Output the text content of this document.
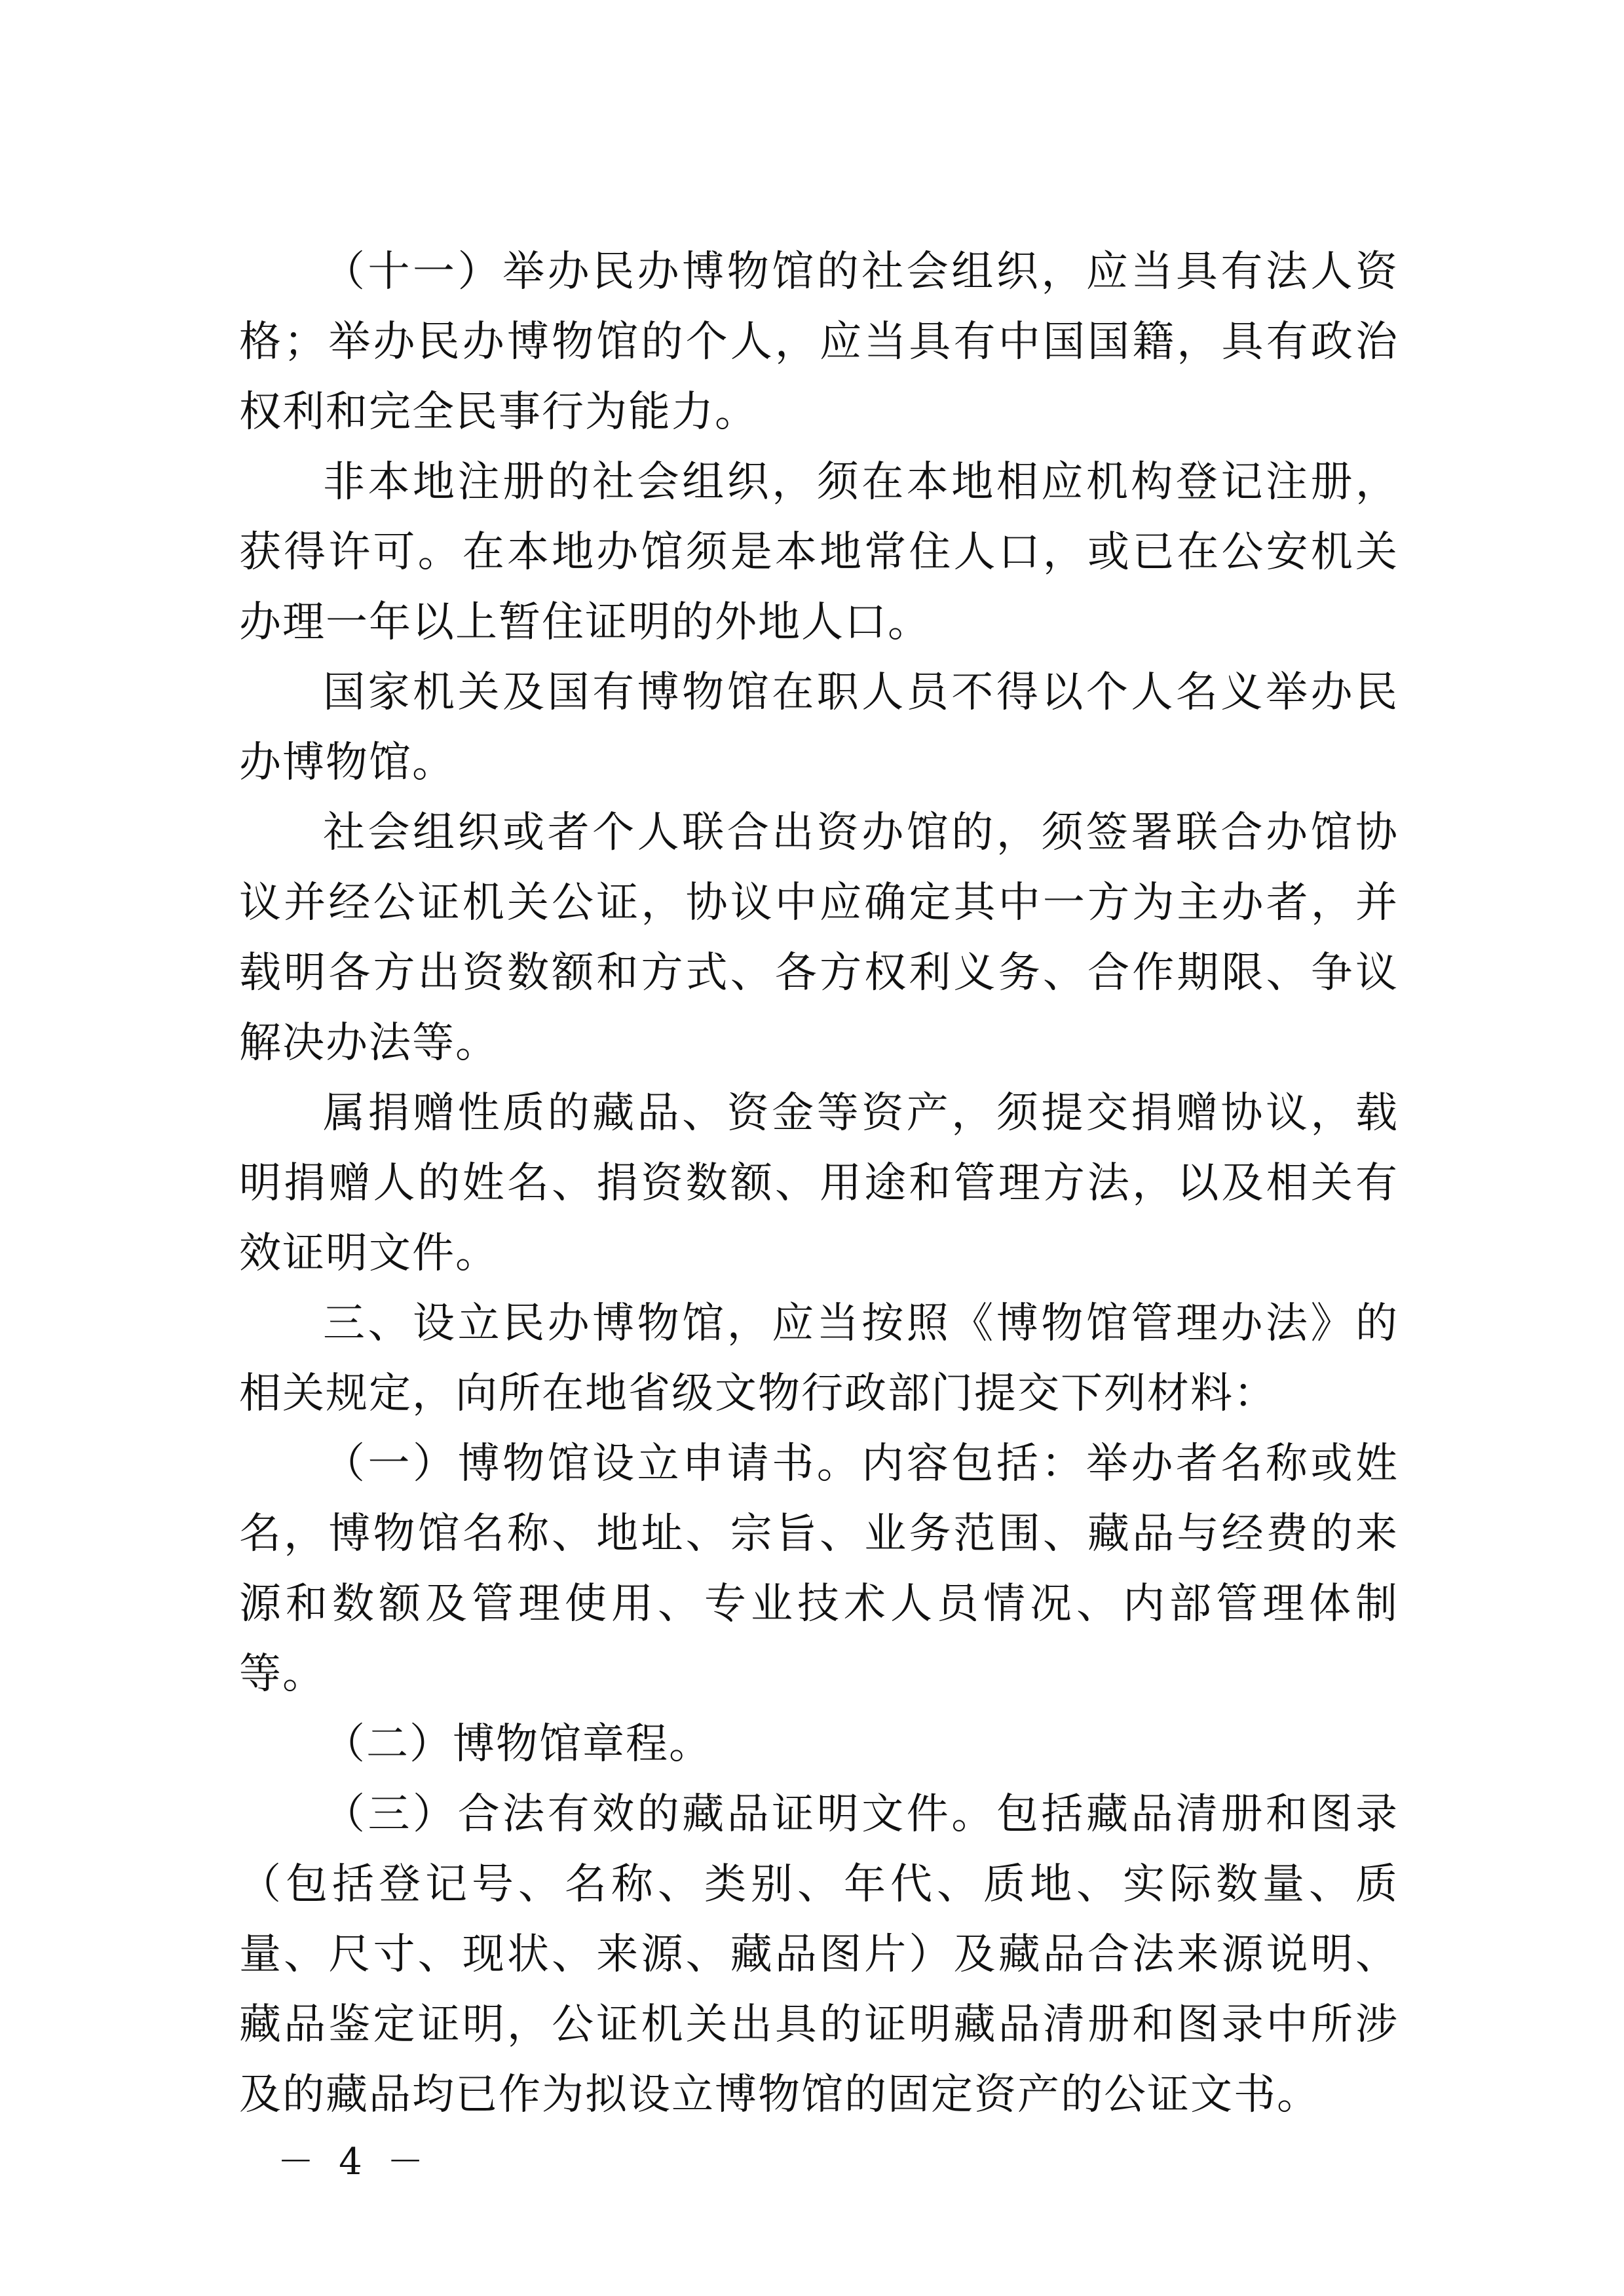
（十一）举办民办博物馆的社会组织，应当具有法人资格；举办民办博物馆的个人，应当具有中国国籍，具有政治权利和完全民事行为能力。

非本地注册的社会组织，须在本地相应机构登记注册，获得许可。在本地办馆须是本地常住人口，或已在公安机关办理一年以上暂住证明的外地人口。

国家机关及国有博物馆在职人员不得以个人名义举办民办博物馆。

社会组织或者个人联合出资办馆的，须签署联合办馆协议并经公证机关公证，协议中应确定其中一方为主办者，并载明各方出资数额和方式、各方权利义务、合作期限、争议解决办法等。

属捐赠性质的藏品、资金等资产，须提交捐赠协议，载明捐赠人的姓名、捐资数额、用途和管理方法，以及相关有效证明文件。

三、设立民办博物馆，应当按照《博物馆管理办法》的相关规定，向所在地省级文物行政部门提交下列材料：

（一）博物馆设立申请书。内容包括：举办者名称或姓名，博物馆名称、地址、宗旨、业务范围、藏品与经费的来源和数额及管理使用、专业技术人员情况、内部管理体制等。

（二）博物馆章程。

（三）合法有效的藏品证明文件。包括藏品清册和图录（包括登记号、名称、类别、年代、质地、实际数量、质量、尺寸、现状、来源、藏品图片）及藏品合法来源说明、藏品鉴定证明，公证机关出具的证明藏品清册和图录中所涉及的藏品均已作为拟设立博物馆的固定资产的公证文书。

－ 4 －
